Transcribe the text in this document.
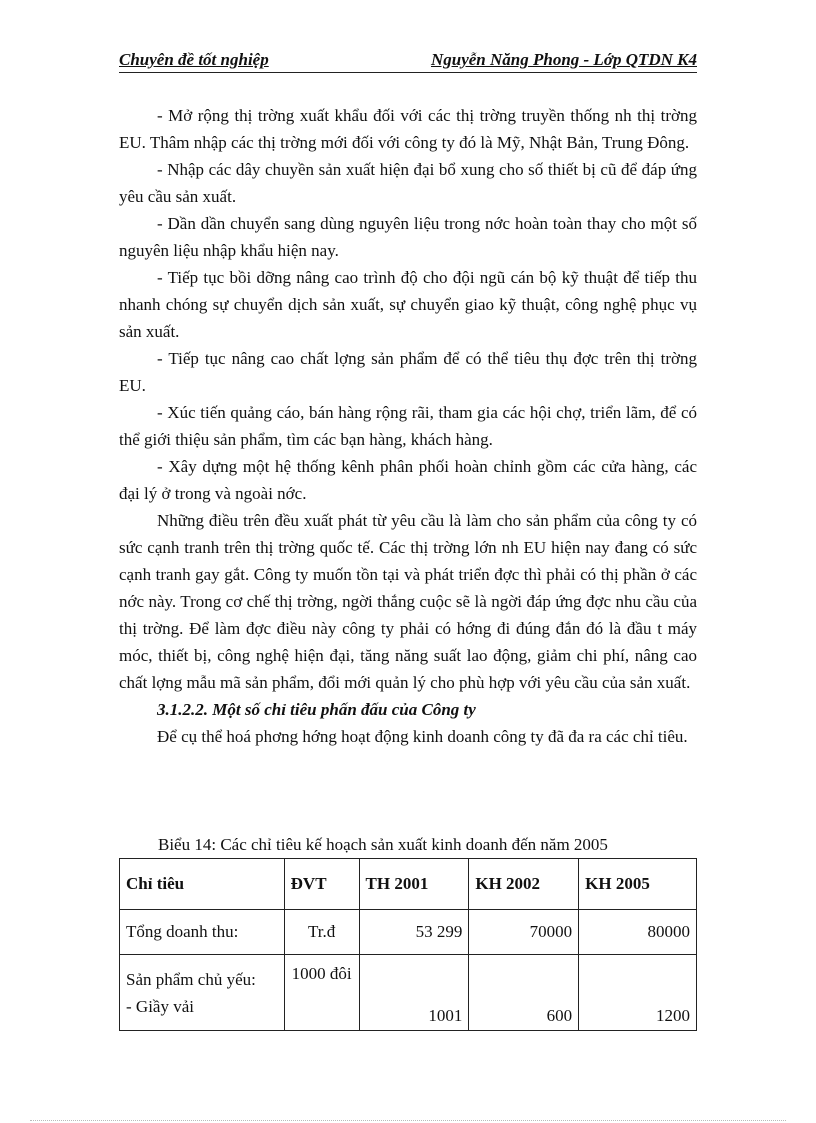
Chuyên đề tốt nghiệp	Nguyễn Năng Phong - Lớp QTDN K4

- Mở rộng thị trờng xuất khẩu đối với các thị trờng truyền thống nh thị trờng EU. Thâm nhập các thị trờng mới đối với công ty đó là Mỹ, Nhật Bản, Trung Đông.

- Nhập các dây chuyền sản xuất hiện đại bổ xung cho số thiết bị cũ để đáp ứng yêu cầu sản xuất.

- Dần dần chuyển sang dùng nguyên liệu trong nớc hoàn toàn thay cho một số nguyên liệu nhập khẩu hiện nay.

- Tiếp tục bồi dỡng nâng cao trình độ cho đội ngũ cán bộ kỹ thuật để tiếp thu nhanh chóng sự chuyển dịch sản xuất, sự chuyển giao kỹ thuật, công nghệ phục vụ sản xuất.

- Tiếp tục nâng cao chất lợng sản phẩm để có thể tiêu thụ đợc trên thị trờng EU.

- Xúc tiến quảng cáo, bán hàng rộng rãi, tham gia các hội chợ, triển lãm, để có thể giới thiệu sản phẩm, tìm các bạn hàng, khách hàng.

- Xây dựng một hệ thống kênh phân phối hoàn chỉnh gồm các cửa hàng, các đại lý ở trong và ngoài nớc.

Những điều trên đều xuất phát từ yêu cầu là làm cho sản phẩm của công ty có sức cạnh tranh trên thị trờng quốc tế. Các thị trờng lớn nh EU hiện nay đang có sức cạnh tranh gay gắt. Công ty muốn tồn tại và phát triển đợc thì phải có thị phần ở các nớc này. Trong cơ chế thị trờng, ngời thắng cuộc sẽ là ngời đáp ứng đợc nhu cầu của thị trờng. Để làm đợc điều này công ty phải có hớng đi đúng đắn đó là đầu t máy móc, thiết bị, công nghệ hiện đại, tăng năng suất lao động, giảm chi phí, nâng cao chất lợng mẫu mã sản phẩm, đổi mới quản lý cho phù hợp với yêu cầu của sản xuất.

3.1.2.2. Một số chỉ tiêu phấn đấu của Công ty

Để cụ thể hoá phơng hớng hoạt động kinh doanh công ty đã đa ra các chỉ tiêu.

Biểu 14: Các chỉ tiêu kế hoạch sản xuất kinh doanh đến năm 2005
Chỉ tiêu	ĐVT	TH 2001	KH 2002	KH 2005
Tổng doanh thu:	Tr.đ	53 299	70000	80000

Sản phẩm chủ yếu:
- Giầy vải	1000 đôi	1001	600	1200
